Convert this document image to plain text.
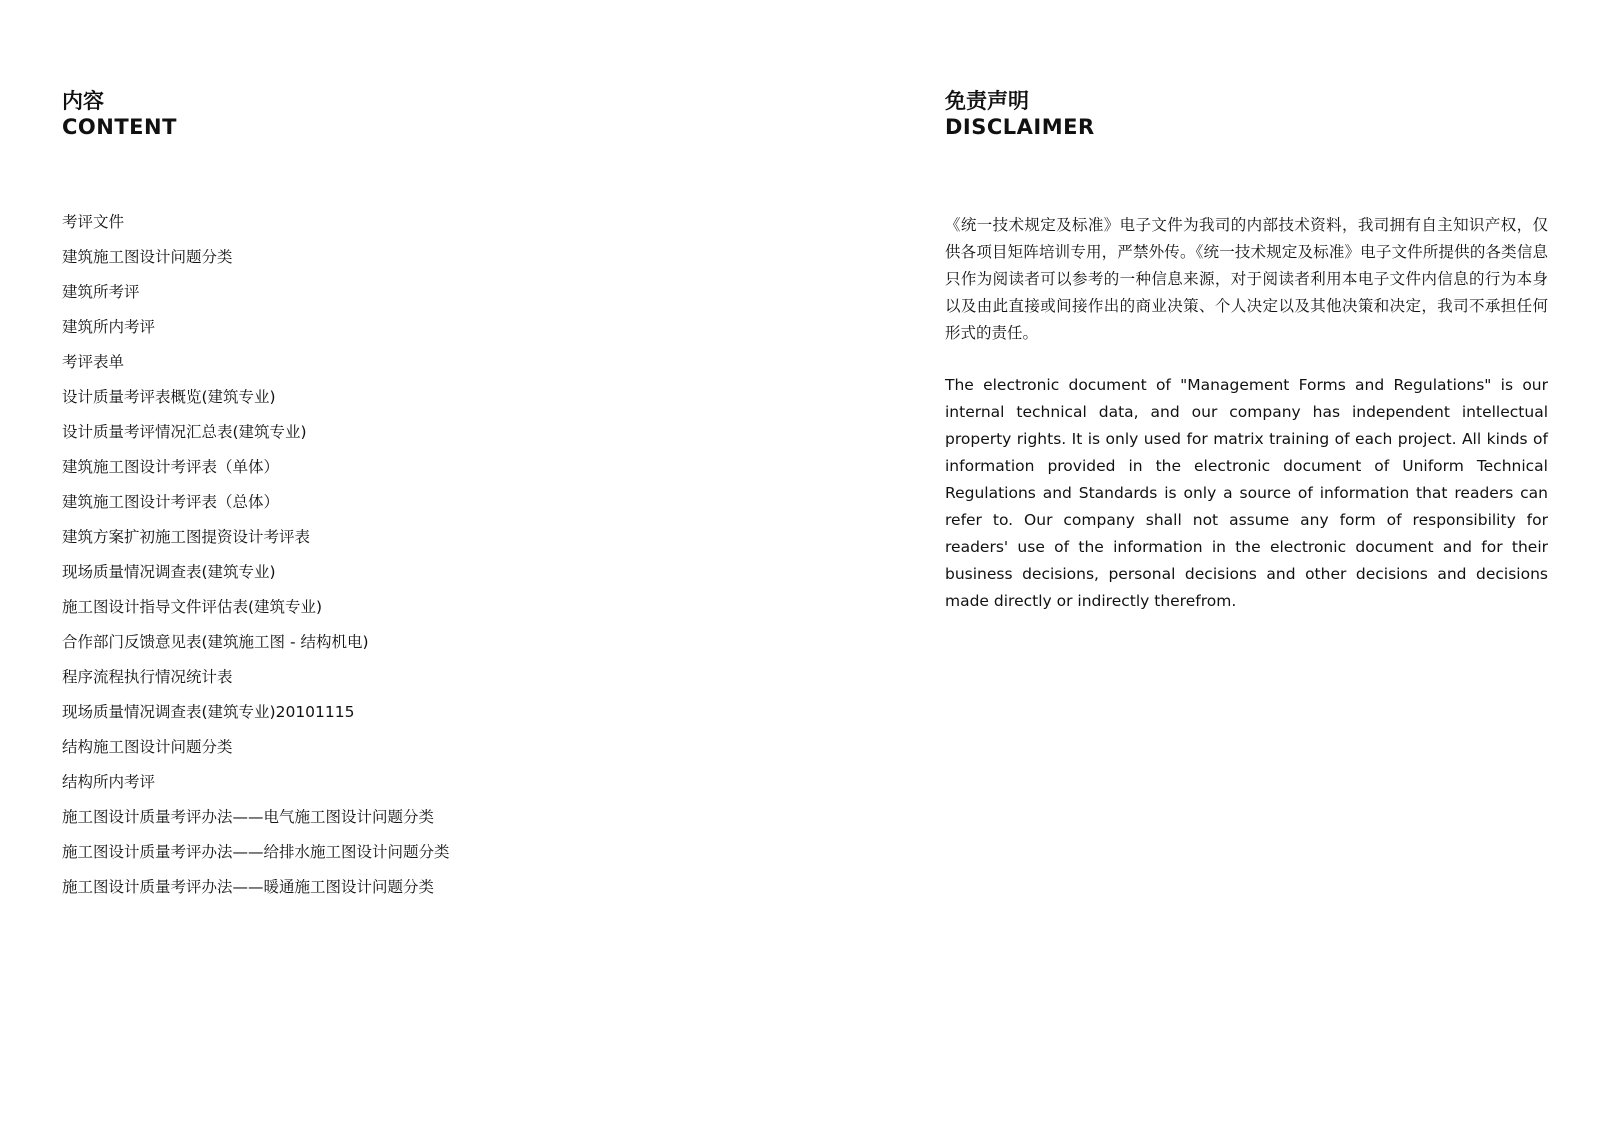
内容
CONTENT
考评文件
建筑施工图设计问题分类
建筑所考评
建筑所内考评
考评表单
设计质量考评表概览(建筑专业)
设计质量考评情况汇总表(建筑专业)
建筑施工图设计考评表（单体）
建筑施工图设计考评表（总体）
建筑方案扩初施工图提资设计考评表
现场质量情况调查表(建筑专业)
施工图设计指导文件评估表(建筑专业)
合作部门反馈意见表(建筑施工图 - 结构机电)
程序流程执行情况统计表
现场质量情况调查表(建筑专业)20101115
结构施工图设计问题分类
结构所内考评
施工图设计质量考评办法——电气施工图设计问题分类
施工图设计质量考评办法——给排水施工图设计问题分类
施工图设计质量考评办法——暖通施工图设计问题分类
免责声明
DISCLAIMER

《统一技术规定及标准》电子文件为我司的内部技术资料，我司拥有自主知识产权，仅供各项目矩阵培训专用，严禁外传。《统一技术规定及标准》电子文件所提供的各类信息只作为阅读者可以参考的一种信息来源，对于阅读者利用本电子文件内信息的行为本身以及由此直接或间接作出的商业决策、个人决定以及其他决策和决定，我司不承担任何形式的责任。

The electronic document of "Management Forms and Regulations" is our internal technical data, and our company has independent intellectual property rights. It is only used for matrix training of each project. All kinds of information provided in the electronic document of Uniform Technical Regulations and Standards is only a source of information that readers can refer to. Our company shall not assume any form of responsibility for readers' use of the information in the electronic document and for their business decisions, personal decisions and other decisions and decisions made directly or indirectly therefrom.
